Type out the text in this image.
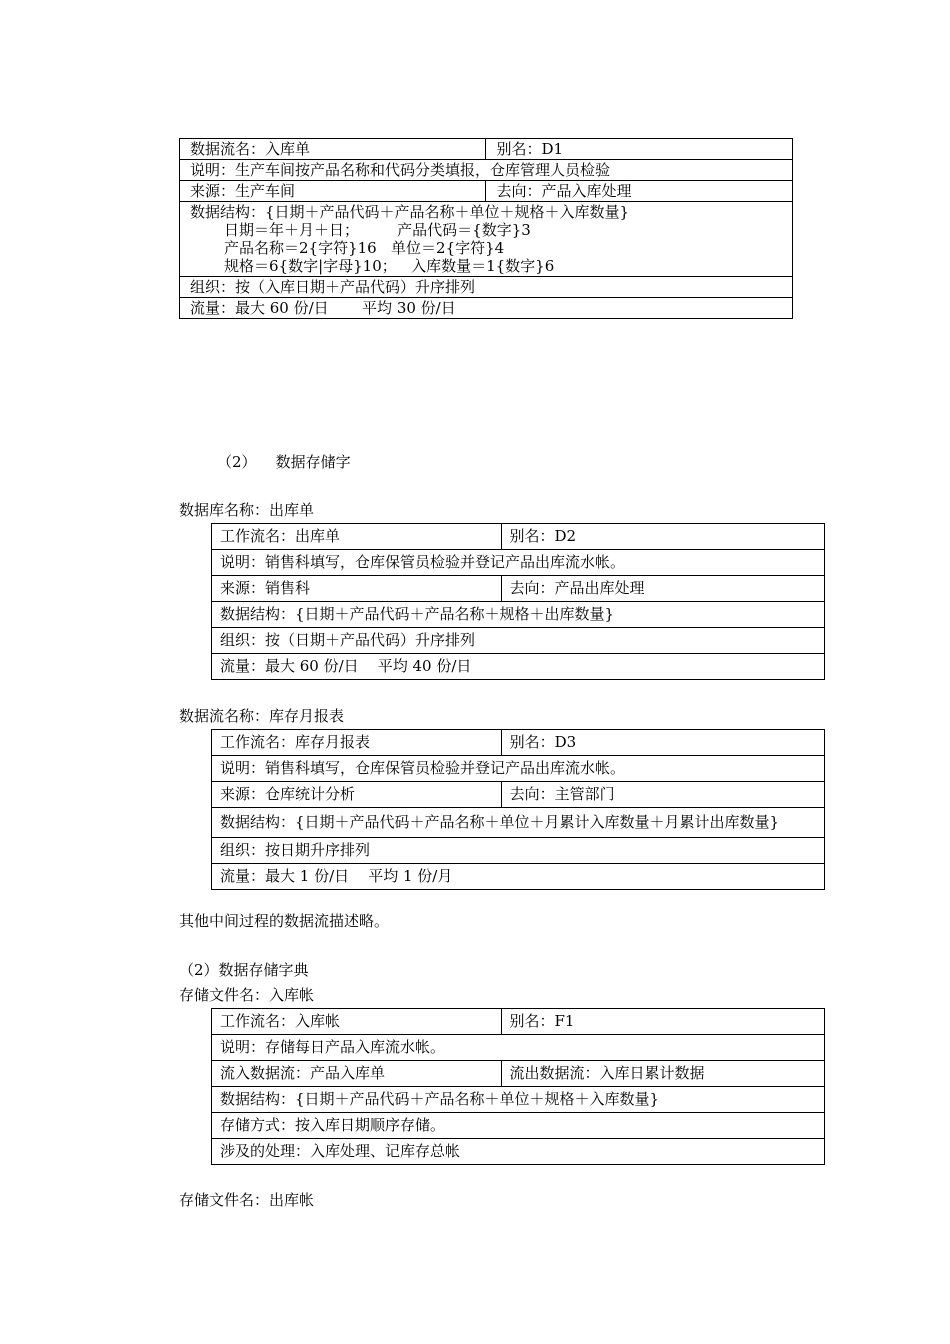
数据流名：入库单	别名：D1
说明：生产车间按产品名称和代码分类填报，仓库管理人员检验	
来源：生产车间	去向：产品入库处理
数据结构：{日期＋产品代码＋产品名称＋单位＋规格＋入库数量}
日期＝年＋月＋日；        产品代码＝{数字}3
产品名称＝2{字符}16   单位＝2{字符}4
规格＝6{数字|字母}10；   入库数量＝1{数字}6	

组织：按（入库日期＋产品代码）升序排列	
流量：最大 60 份/日       平均 30 份/日	
（2）    数据存储字
数据库名称：出库单
工作流名：出库单	别名：D2
说明：销售科填写，仓库保管员检验并登记产品出库流水帐。	
来源：销售科	去向：产品出库处理
数据结构：{日期＋产品代码＋产品名称＋规格＋出库数量}	
组织：按（日期＋产品代码）升序排列	
流量：最大 60 份/日    平均 40 份/日	
数据流名称：库存月报表
工作流名：库存月报表	别名：D3
说明：销售科填写，仓库保管员检验并登记产品出库流水帐。	
来源：仓库统计分析	去向：主管部门
数据结构：{日期＋产品代码＋产品名称＋单位＋月累计入库数量＋月累计出库数量}	
组织：按日期升序排列	
流量：最大 1 份/日    平均 1 份/月	
其他中间过程的数据流描述略。
（2）数据存储字典
存储文件名：入库帐
工作流名：入库帐	别名：F1
说明：存储每日产品入库流水帐。	
流入数据流：产品入库单	流出数据流：入库日累计数据
数据结构：{日期＋产品代码＋产品名称＋单位＋规格＋入库数量}	
存储方式：按入库日期顺序存储。	
涉及的处理：入库处理、记库存总帐	
存储文件名：出库帐
